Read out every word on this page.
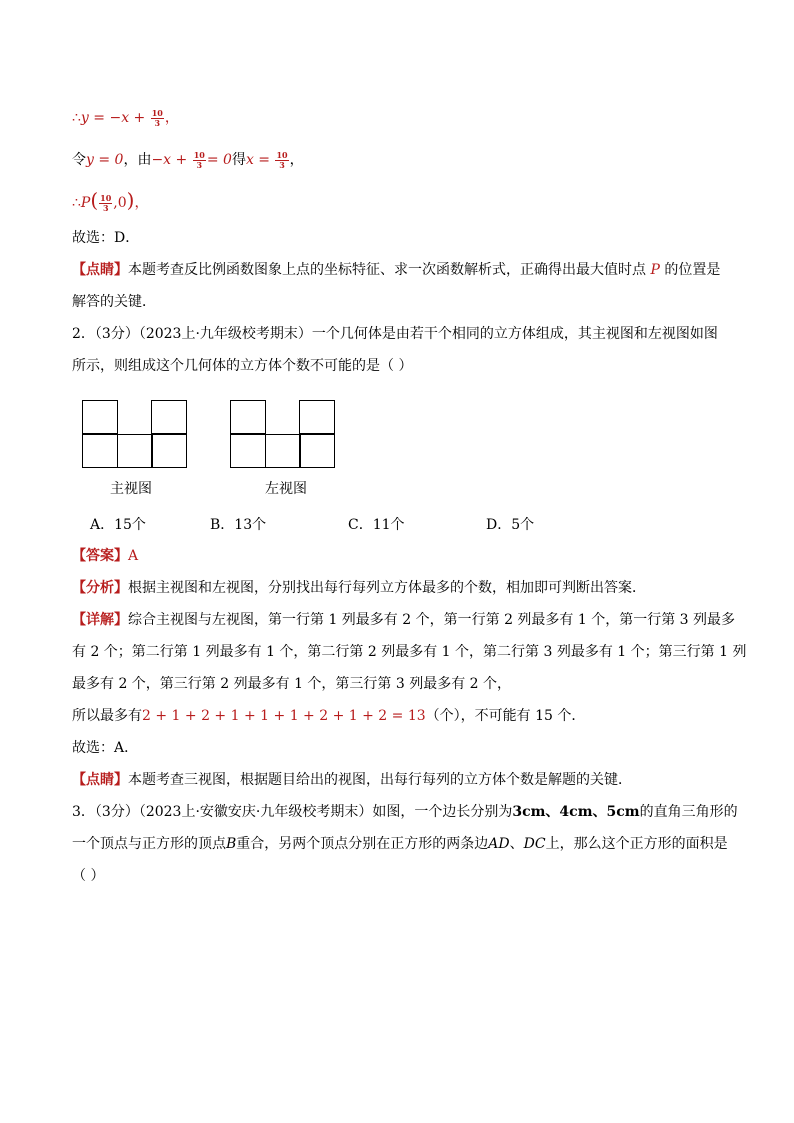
∴y = $-x + \frac{10}{3}$ ，
令y = 0，由$-x + \frac{10}{3} = 0$得$x = \frac{10}{3}$ ，
∴P( $\frac{10}{3} ,0$)，
故选：D．
【点睛】本题考查反比例函数图象上点的坐标特征、求一次函数解析式，正确得出最大值时点 P 的位置是
解答的关键．
2．（3分）（2023上·九年级校考期末）一个几何体是由若干个相同的立方体组成，其主视图和左视图如图
所示，则组成这个几何体的立方体个数不可能的是（ ）
主视图	左视图
A．15个	B．13个	C．11个	D．5个
【答案】A
【分析】根据主视图和左视图，分别找出每行每列立方体最多的个数，相加即可判断出答案．
【详解】综合主视图与左视图，第一行第 1 列最多有 2 个，第一行第 2 列最多有 1 个，第一行第 3 列最多
有 2 个；第二行第 1 列最多有 1 个，第二行第 2 列最多有 1 个，第二行第 3 列最多有 1 个；第三行第 1 列
最多有 2 个，第三行第 2 列最多有 1 个，第三行第 3 列最多有 2 个，
所以最多有2 + 1 + 2 + 1 + 1 + 1 + 2 + 1 + 2 = 13（个），不可能有 15 个．
故选：A．
【点睛】本题考查三视图，根据题目给出的视图，出每行每列的立方体个数是解题的关键．
3．（3分）（2023上·安徽安庆·九年级校考期末）如图，一个边长分别为3cm、4cm、5cm的直角三角形的
一个顶点与正方形的顶点B重合，另两个顶点分别在正方形的两条边AD、DC上，那么这个正方形的面积是
（ ）
